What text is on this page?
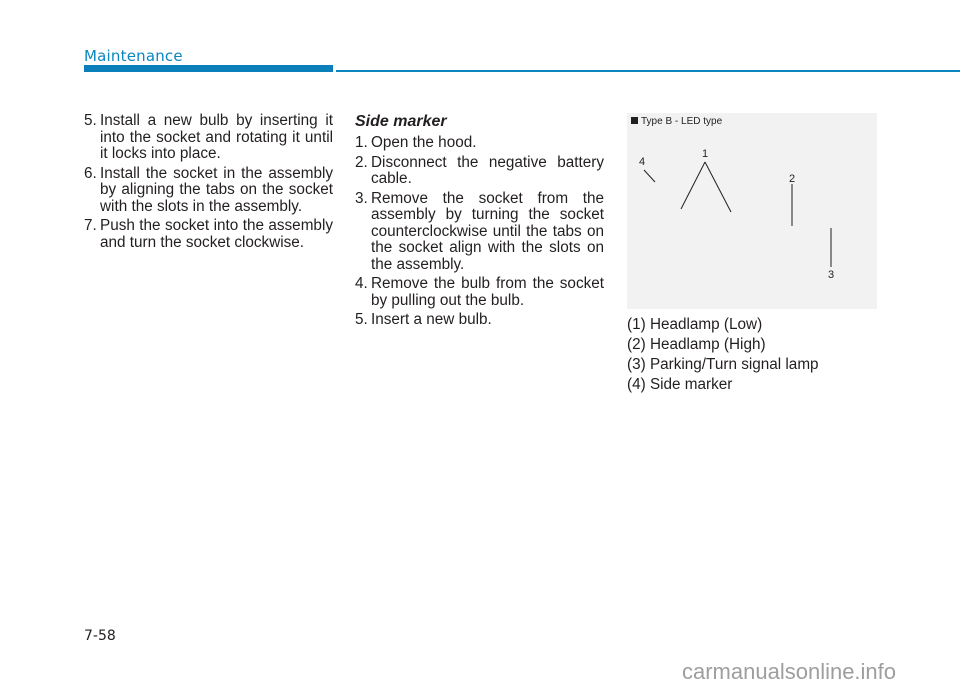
Maintenance
5. Install a new bulb by inserting it into the socket and rotating it until it locks into place.
6. Install the socket in the assembly by aligning the tabs on the socket with the slots in the assembly.
7. Push the socket into the assembly and turn the socket clockwise.
Side marker
1. Open the hood.
2. Disconnect the negative battery cable.
3. Remove the socket from the assembly by turning the socket counterclockwise until the tabs on the socket align with the slots on the assembly.
4. Remove the bulb from the socket by pulling out the bulb.
5. Insert a new bulb.
Type B - LED type
4
1
2
3
(1) Headlamp (Low)
(2) Headlamp (High)
(3) Parking/Turn signal lamp
(4) Side marker
7-58
carmanualsonline.info
